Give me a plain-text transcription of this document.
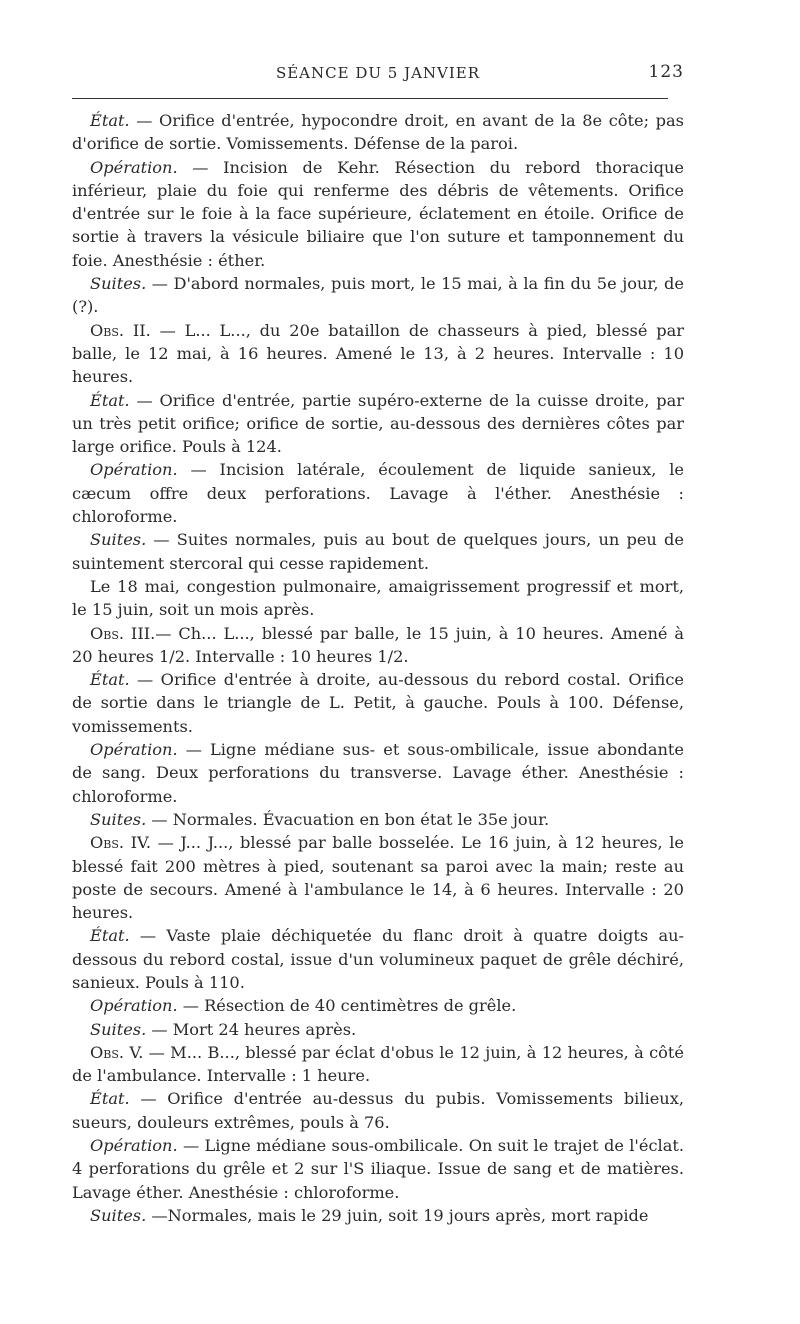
SÉANCE DU 5 JANVIER	123

État. — Orifice d'entrée, hypocondre droit, en avant de la 8e côte; pas d'orifice de sortie. Vomissements. Défense de la paroi.

Opération. — Incision de Kehr. Résection du rebord thoracique inférieur, plaie du foie qui renferme des débris de vêtements. Orifice d'entrée sur le foie à la face supérieure, éclatement en étoile. Orifice de sortie à travers la vésicule biliaire que l'on suture et tamponnement du foie. Anesthésie : éther.

Suites. — D'abord normales, puis mort, le 15 mai, à la fin du 5e jour, de (?).

Obs. II. — L... L..., du 20e bataillon de chasseurs à pied, blessé par balle, le 12 mai, à 16 heures. Amené le 13, à 2 heures. Intervalle : 10 heures.

État. — Orifice d'entrée, partie supéro-externe de la cuisse droite, par un très petit orifice; orifice de sortie, au-dessous des dernières côtes par large orifice. Pouls à 124.

Opération. — Incision latérale, écoulement de liquide sanieux, le cæcum offre deux perforations. Lavage à l'éther. Anesthésie : chloroforme.

Suites. — Suites normales, puis au bout de quelques jours, un peu de suintement stercoral qui cesse rapidement.

Le 18 mai, congestion pulmonaire, amaigrissement progressif et mort, le 15 juin, soit un mois après.

Obs. III.— Ch... L..., blessé par balle, le 15 juin, à 10 heures. Amené à 20 heures 1/2. Intervalle : 10 heures 1/2.

État. — Orifice d'entrée à droite, au-dessous du rebord costal. Orifice de sortie dans le triangle de L. Petit, à gauche. Pouls à 100. Défense, vomissements.

Opération. — Ligne médiane sus- et sous-ombilicale, issue abondante de sang. Deux perforations du transverse. Lavage éther. Anesthésie : chloroforme.

Suites. — Normales. Évacuation en bon état le 35e jour.

Obs. IV. — J... J..., blessé par balle bosselée. Le 16 juin, à 12 heures, le blessé fait 200 mètres à pied, soutenant sa paroi avec la main; reste au poste de secours. Amené à l'ambulance le 14, à 6 heures. Intervalle : 20 heures.

État. — Vaste plaie déchiquetée du flanc droit à quatre doigts au-dessous du rebord costal, issue d'un volumineux paquet de grêle déchiré, sanieux. Pouls à 110.

Opération. — Résection de 40 centimètres de grêle.

Suites. — Mort 24 heures après.

Obs. V. — M... B..., blessé par éclat d'obus le 12 juin, à 12 heures, à côté de l'ambulance. Intervalle : 1 heure.

État. — Orifice d'entrée au-dessus du pubis. Vomissements bilieux, sueurs, douleurs extrêmes, pouls à 76.

Opération. — Ligne médiane sous-ombilicale. On suit le trajet de l'éclat. 4 perforations du grêle et 2 sur l'S iliaque. Issue de sang et de matières. Lavage éther. Anesthésie : chloroforme.

Suites. —Normales, mais le 29 juin, soit 19 jours après, mort rapide
